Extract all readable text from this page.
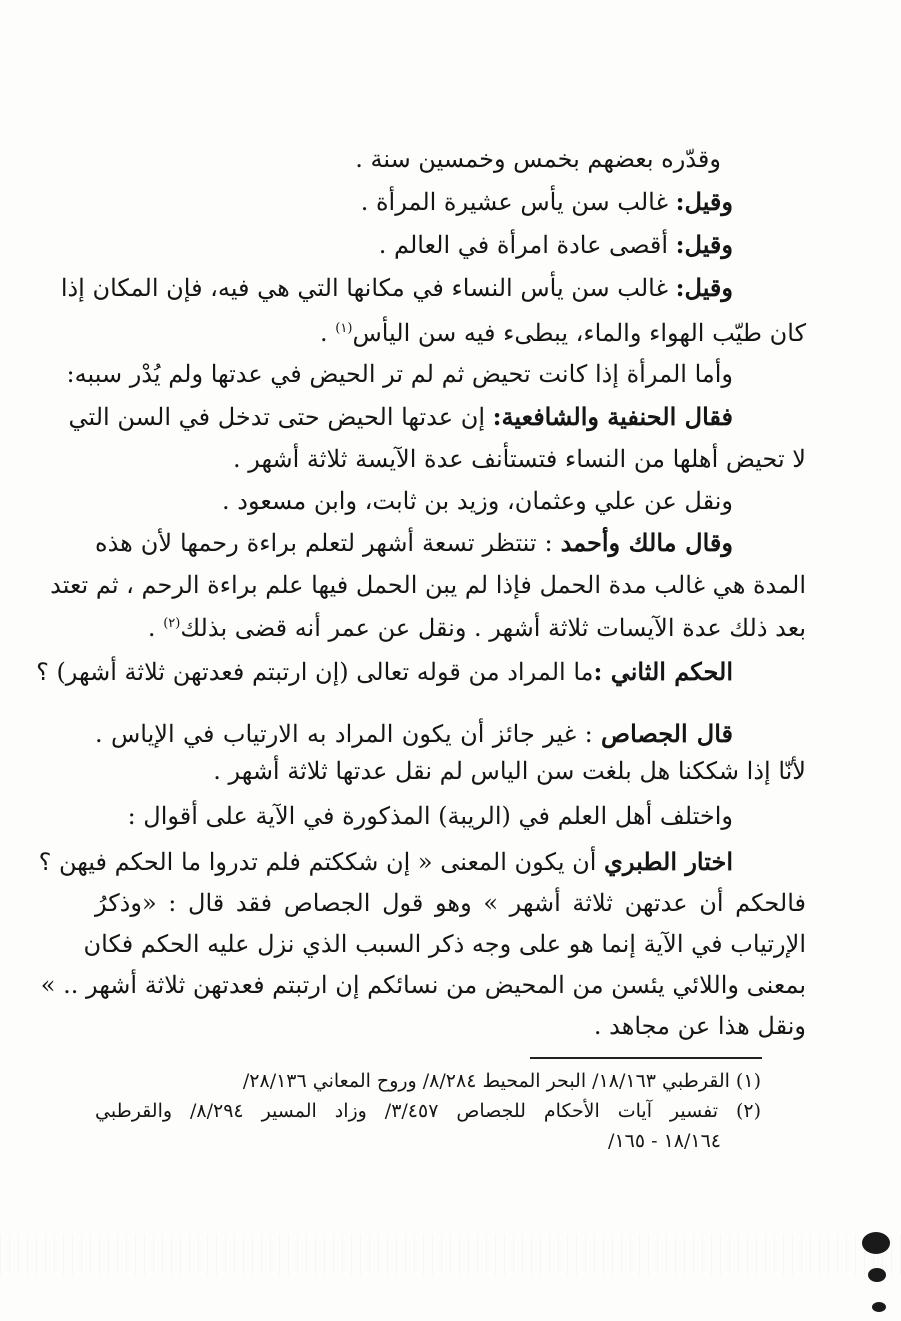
وقدّره بعضهم بخمس وخمسين سنة .
وقيل: غالب سن يأس عشيرة المرأة .
وقيل: أقصى عادة امرأة في العالم .
وقيل: غالب سن يأس النساء في مكانها التي هي فيه، فإن المكان إذا
كان طيّب الهواء والماء، يبطىء فيه سن اليأس$^{(١)}$ .
وأما المرأة إذا كانت تحيض ثم لم تر الحيض في عدتها ولم يُدْر سببه:
فقال الحنفية والشافعية: إن عدتها الحيض حتى تدخل في السن التي
لا تحيض أهلها من النساء فتستأنف عدة الآيسة ثلاثة أشهر .
ونقل عن علي وعثمان، وزيد بن ثابت، وابن مسعود .
وقال مالك وأحمد : تنتظر تسعة أشهر لتعلم براءة رحمها لأن هذه
المدة هي غالب مدة الحمل فإذا لم يبن الحمل فيها علم براءة الرحم ، ثم تعتد
بعد ذلك عدة الآيسات ثلاثة أشهر . ونقل عن عمر أنه قضى بذلك$^{(٢)}$ .
الحكم الثاني :ما المراد من قوله تعالى (إن ارتبتم فعدتهن ثلاثة أشهر) ؟
قال الجصاص : غير جائز أن يكون المراد به الارتياب في الإياس .
لأنّا إذا شككنا هل بلغت سن الياس لم نقل عدتها ثلاثة أشهر .
واختلف أهل العلم في (الريبة) المذكورة في الآية على أقوال :
اختار الطبري أن يكون المعنى « إن شككتم فلم تدروا ما الحكم فيهن ؟
فالحكم أن عدتهن ثلاثة أشهر » وهو قول الجصاص فقد قال : «وذكرُ
الإرتياب في الآية إنما هو على وجه ذكر السبب الذي نزل عليه الحكم فكان
بمعنى واللائي يئسن من المحيض من نسائكم إن ارتبتم فعدتهن ثلاثة أشهر .. »
ونقل هذا عن مجاهد .
(١) القرطبي ١٨/١٦٣/ البحر المحيط ٨/٢٨٤/ وروح المعاني ٢٨/١٣٦/
(٢) تفسير آيات الأحكام للجصاص ٣/٤٥٧/ وزاد المسير ٨/٢٩٤/ والقرطبي
١٨/١٦٤ - ١٦٥/
